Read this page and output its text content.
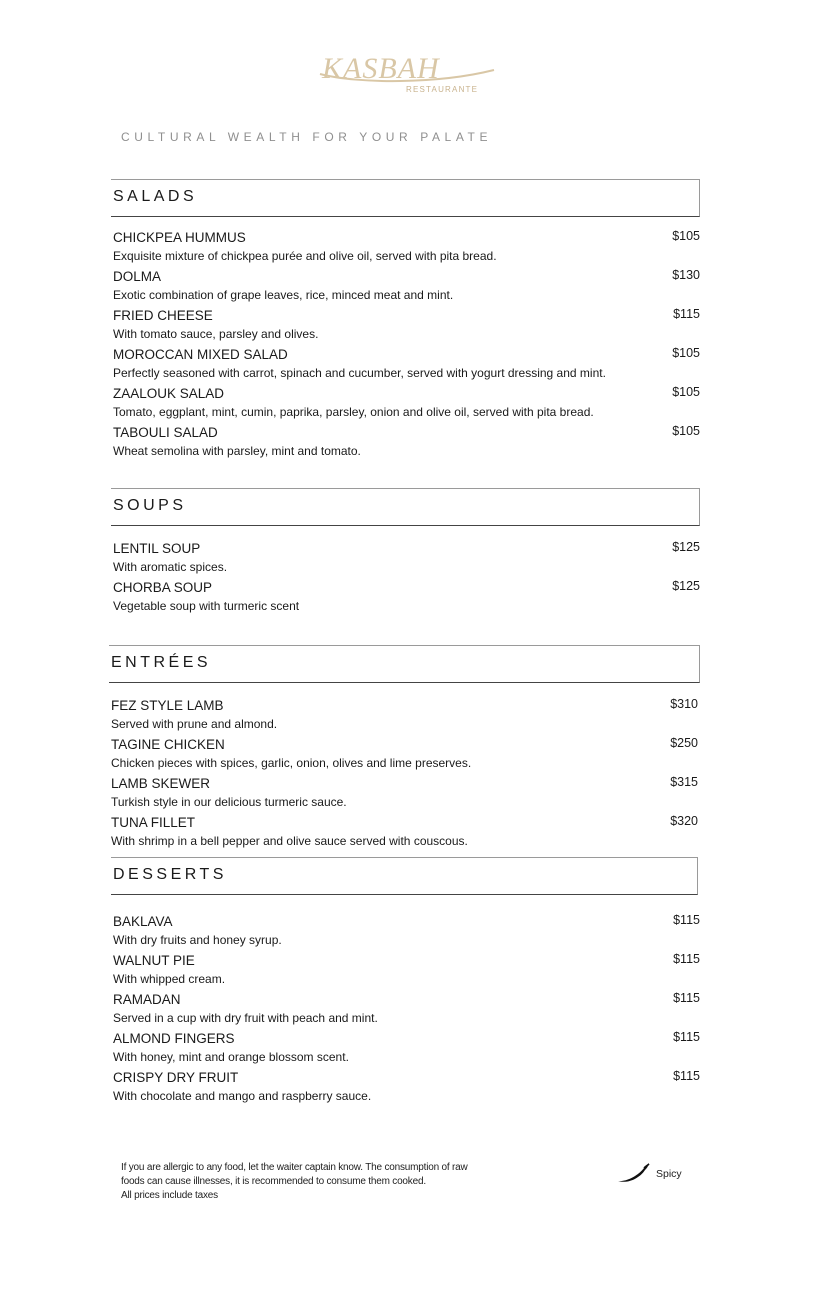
KASBAH
RESTAURANTE
CULTURAL WEALTH FOR YOUR PALATE
SALADS
CHICKPEA HUMMUS
Exquisite mixture of chickpea purée and olive oil, served with pita bread.
$105
DOLMA
Exotic combination of grape leaves, rice, minced meat and mint.
$130
FRIED CHEESE
With tomato sauce, parsley and olives.
$115
MOROCCAN MIXED SALAD
Perfectly seasoned with carrot, spinach and cucumber, served with yogurt dressing and mint.
$105
ZAALOUK SALAD
Tomato, eggplant, mint, cumin, paprika, parsley, onion and olive oil, served with pita bread.
$105
TABOULI SALAD
Wheat semolina with parsley, mint and tomato.
$105
SOUPS
LENTIL SOUP
With aromatic spices.
$125
CHORBA SOUP
Vegetable soup with turmeric scent
$125
ENTRÉES
FEZ STYLE LAMB
Served with prune and almond.
$310
TAGINE CHICKEN
Chicken pieces with spices, garlic, onion, olives and lime preserves.
$250
LAMB SKEWER
Turkish style in our delicious turmeric sauce.
$315
TUNA FILLET
With shrimp in a bell pepper and olive sauce served with couscous.
$320
DESSERTS
BAKLAVA
With dry fruits and honey syrup.
$115
WALNUT PIE
With whipped cream.
$115
RAMADAN
Served in a cup with dry fruit with peach and mint.
$115
ALMOND FINGERS
With honey, mint and orange blossom scent.
$115
CRISPY DRY FRUIT
With chocolate and mango and raspberry sauce.
$115
If you are allergic to any food, let the waiter captain know. The consumption of raw
foods can cause illnesses, it is recommended to consume them cooked.
All prices include taxes
Spicy
